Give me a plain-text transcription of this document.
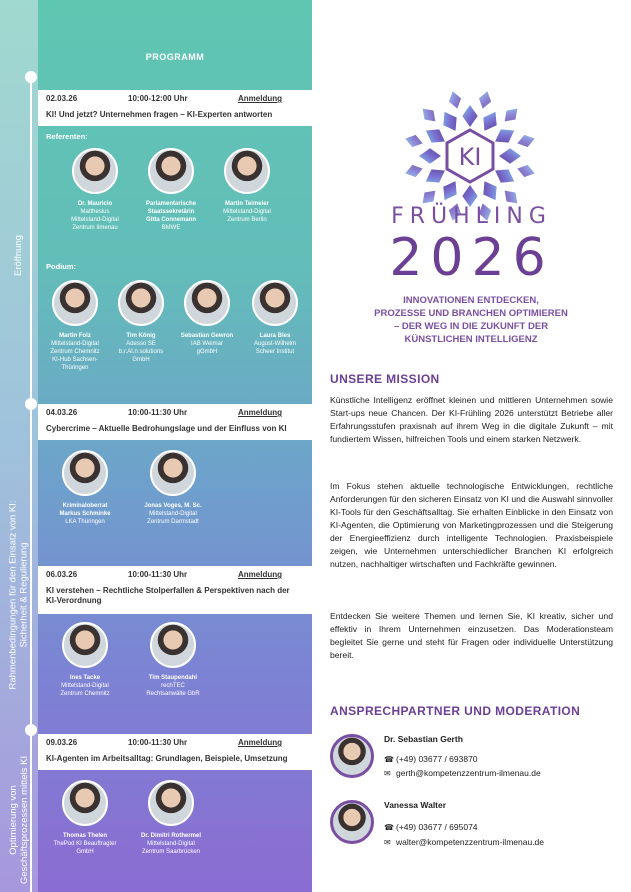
Eröffnung
Rahmenbedingungen für den Einsatz von KI: Sicherheit & Regulierung
Optimierung von Geschäftsprozessen mittels KI
PROGRAMM
02.03.26	10:00-12:00 Uhr	Anmeldung
KI! Und jetzt? Unternehmen fragen – KI-Experten antworten
Referenten:
Dr. Mauricio
Matthesius
Mittelstand-Digital
Zentrum Ilmenau
Parlamentarische
Staatssekretärin
Gitta Connemann
BMWE
Martin Teimeier
Mittelstand-Digital
Zentrum Berlin
Podium:
Martin Folz
Mittelstand-Digital
Zentrum Chemnitz
KI-Hub Sachsen-
Thüringen
Tim König
Adesso SE
b.r.AI.n solutions
GmbH
Sebastian Gewron
IAB Weimar
gGmbH
Laura Bies
August-Wilhelm
Scheer Institut
04.03.26	10:00-11:30 Uhr	Anmeldung
Cybercrime – Aktuelle Bedrohungslage und der Einfluss von KI
Kriminaloberrat
Markus Schminke
LKA Thüringen
Jonas Voges, M. Sc.
Mittelstand-Digital
Zentrum Darmstadt
06.03.26	10:00-11:30 Uhr	Anmeldung
KI verstehen – Rechtliche Stolperfallen & Perspektiven nach der
KI-Verordnung
Ines Tacke
Mittelstand-Digital
Zentrum Chemnitz
Tim Staupendahl
rechTEC
Rechtsanwälte GbR
09.03.26	10:00-11:30 Uhr	Anmeldung
KI-Agenten im Arbeitsalltag: Grundlagen, Beispiele, Umsetzung
Thomas Thelen
ThePod KI Beauftragter
GmbH
Dr. Dimitri Rothermel
Mittelstand-Digital
Zentrum Saarbrücken
KI
FRÜHLING
2026
INNOVATIONEN ENTDECKEN,
PROZESSE UND BRANCHEN OPTIMIEREN
– DER WEG IN DIE ZUKUNFT DER
KÜNSTLICHEN INTELLIGENZ
UNSERE MISSION

Künstliche Intelligenz eröffnet kleinen und mittleren Unternehmen sowie Start-ups neue Chancen. Der KI-Frühling 2026 unterstützt Betriebe aller Erfahrungsstufen praxisnah auf ihrem Weg in die digitale Zukunft – mit fundiertem Wissen, hilfreichen Tools und einem starken Netzwerk.

Im Fokus stehen aktuelle technologische Entwicklungen, rechtliche Anforderungen für den sicheren Einsatz von KI und die Auswahl sinnvoller KI-Tools für den Geschäftsalltag. Sie erhalten Einblicke in den Einsatz von KI-Agenten, die Optimierung von Marketingprozessen und die Steigerung der Energieeffizienz durch intelligente Technologien. Praxisbeispiele zeigen, wie Unternehmen unterschiedlicher Branchen KI erfolgreich nutzen, nachhaltiger wirtschaften und Fachkräfte gewinnen.

Entdecken Sie weitere Themen und lernen Sie, KI kreativ, sicher und effektiv in Ihrem Unternehmen einzusetzen. Das Moderationsteam begleitet Sie gerne und steht für Fragen oder individuelle Unterstützung bereit.

ANSPRECHPARTNER UND MODERATION
Dr. Sebastian Gerth
☎ (+49) 03677 / 693870
✉ gerth@kompetenzzentrum-ilmenau.de
Vanessa Walter
☎ (+49) 03677 / 695074
✉ walter@kompetenzzentrum-ilmenau.de
